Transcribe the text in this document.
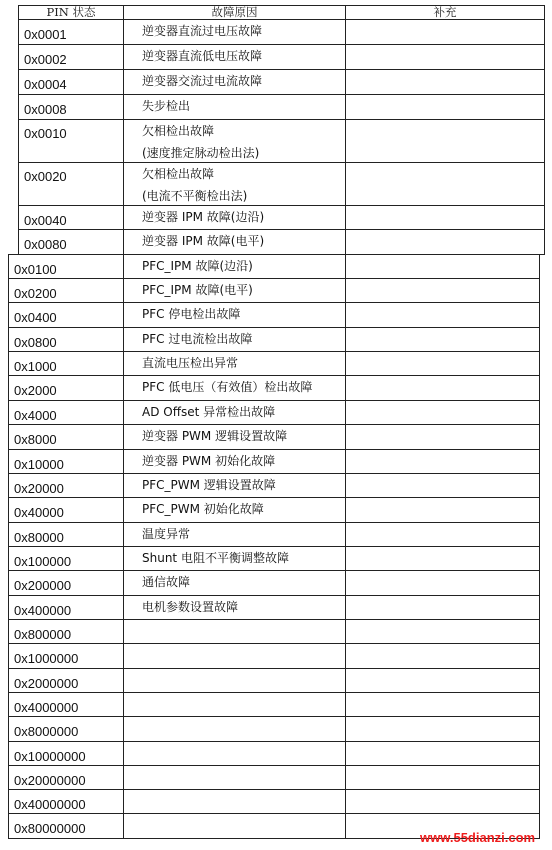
PIN 状态	故障原因	补充
0x0001	逆变器直流过电压故障
0x0002	逆变器直流低电压故障
0x0004	逆变器交流过电流故障
0x0008	失步检出
0x0010	欠相检出故障
(速度推定脉动检出法)
0x0020	欠相检出故障
(电流不平衡检出法)
0x0040	逆变器 IPM 故障(边沿)
0x0080	逆变器 IPM 故障(电平)
0x0100	PFC_IPM 故障(边沿)
0x0200	PFC_IPM 故障(电平)
0x0400	PFC 停电检出故障
0x0800	PFC 过电流检出故障
0x1000	直流电压检出异常
0x2000	PFC 低电压（有效值）检出故障
0x4000	AD Offset 异常检出故障
0x8000	逆变器 PWM 逻辑设置故障
0x10000	逆变器 PWM 初始化故障
0x20000	PFC_PWM 逻辑设置故障
0x40000	PFC_PWM 初始化故障
0x80000	温度异常
0x100000	Shunt 电阻不平衡调整故障
0x200000	通信故障
0x400000	电机参数设置故障
0x800000
0x1000000
0x2000000
0x4000000
0x8000000
0x10000000
0x20000000
0x40000000
0x80000000
www.55dianzi.com
